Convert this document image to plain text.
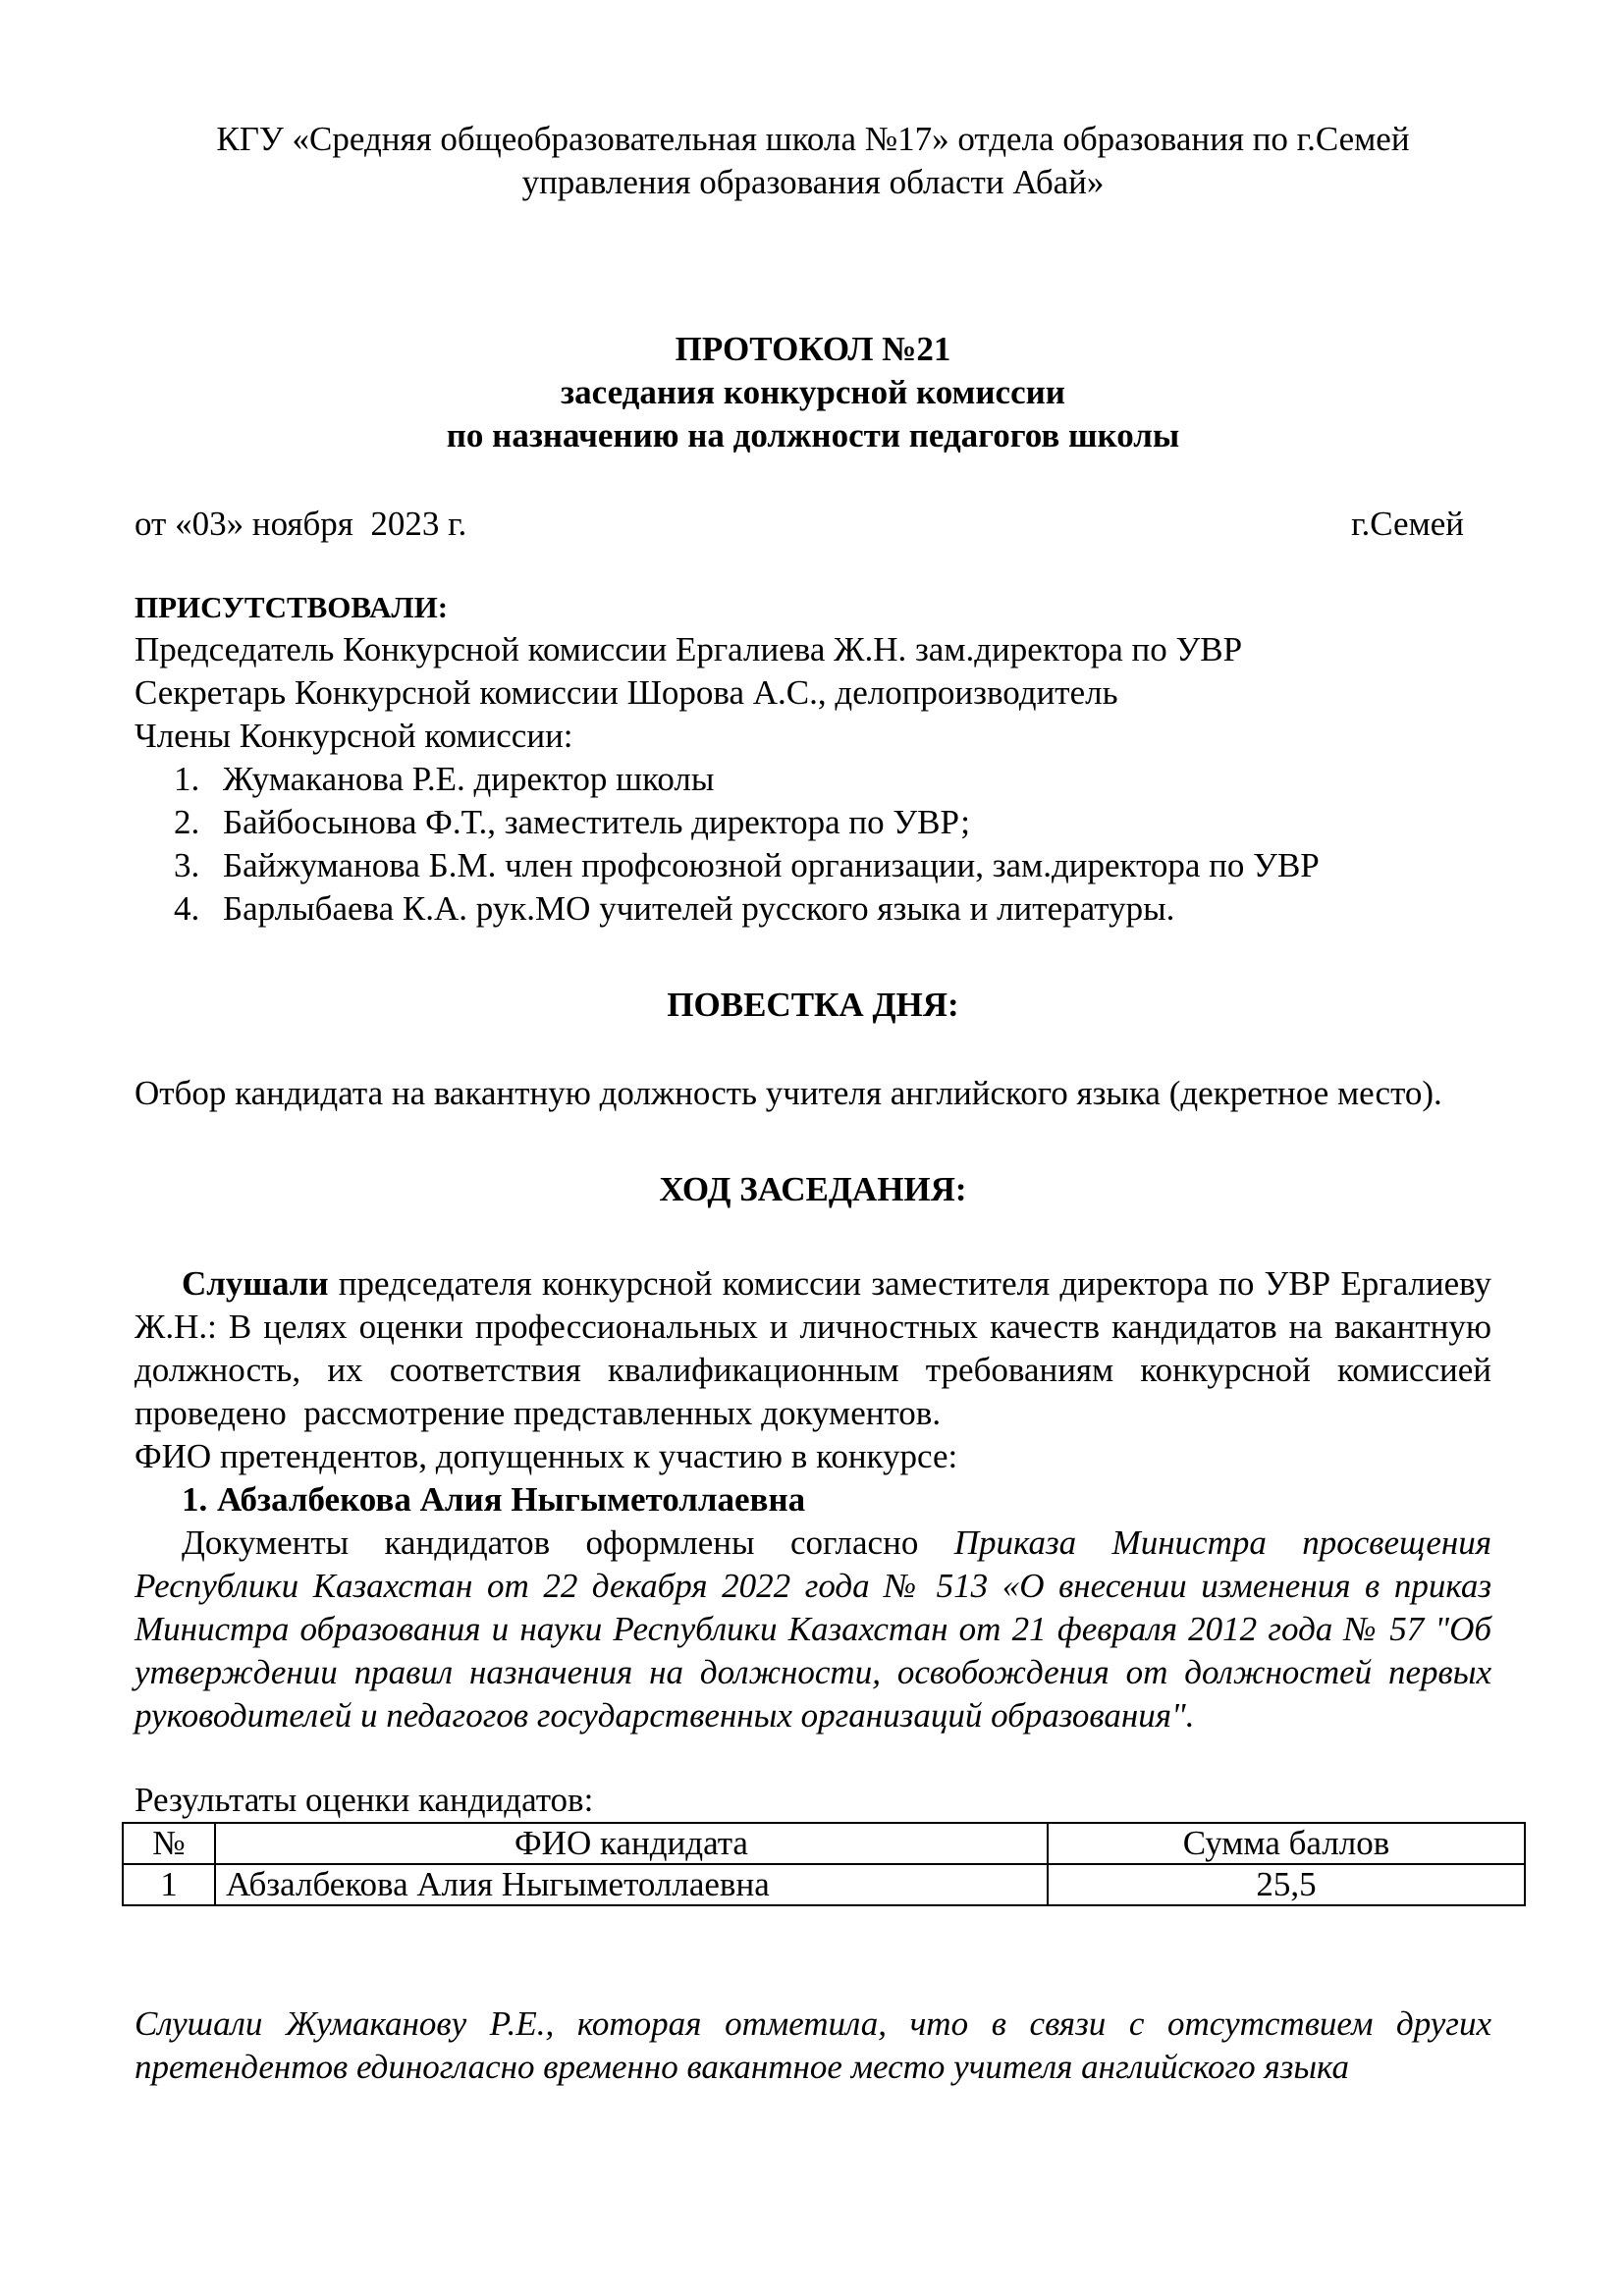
КГУ «Средняя общеобразовательная школа №17» отдела образования по г.Семей
управления образования области Абай»
ПРОТОКОЛ №21
заседания конкурсной комиссии
по назначению на должности педагогов школы
от «03» ноября  2023 г.	г.Семей
ПРИСУТСТВОВАЛИ:
Председатель Конкурсной комиссии Ергалиева Ж.Н. зам.директора по УВР
Секретарь Конкурсной комиссии Шорова А.С., делопроизводитель
Члены Конкурсной комиссии:
1. Жумаканова Р.Е. директор школы
2. Байбосынова Ф.Т., заместитель директора по УВР;
3. Байжуманова Б.М. член профсоюзной организации, зам.директора по УВР
4. Барлыбаева К.А. рук.МО учителей русского языка и литературы.
ПОВЕСТКА ДНЯ:
Отбор кандидата на вакантную должность учителя английского языка (декретное место).
ХОД ЗАСЕДАНИЯ:
Слушали председателя конкурсной комиссии заместителя директора по УВР Ергалиеву Ж.Н.: В целях оценки профессиональных и личностных качеств кандидатов на вакантную должность, их соответствия квалификационным требованиям конкурсной комиссией проведено  рассмотрение представленных документов.
ФИО претендентов, допущенных к участию в конкурсе:
1. Абзалбекова Алия Ныгыметоллаевна
Документы кандидатов оформлены согласно Приказа Министра просвещения Республики Казахстан от 22 декабря 2022 года № 513 «О внесении изменения в приказ Министра образования и науки Республики Казахстан от 21 февраля 2012 года № 57 "Об утверждении правил назначения на должности, освобождения от должностей первых руководителей и педагогов государственных организаций образования".
Результаты оценки кандидатов:
№	ФИО кандидата	Сумма баллов
1	Абзалбекова Алия Ныгыметоллаевна	25,5
Слушали Жумаканову Р.Е., которая отметила, что в связи с отсутствием других претендентов единогласно временно вакантное место учителя английского языка
